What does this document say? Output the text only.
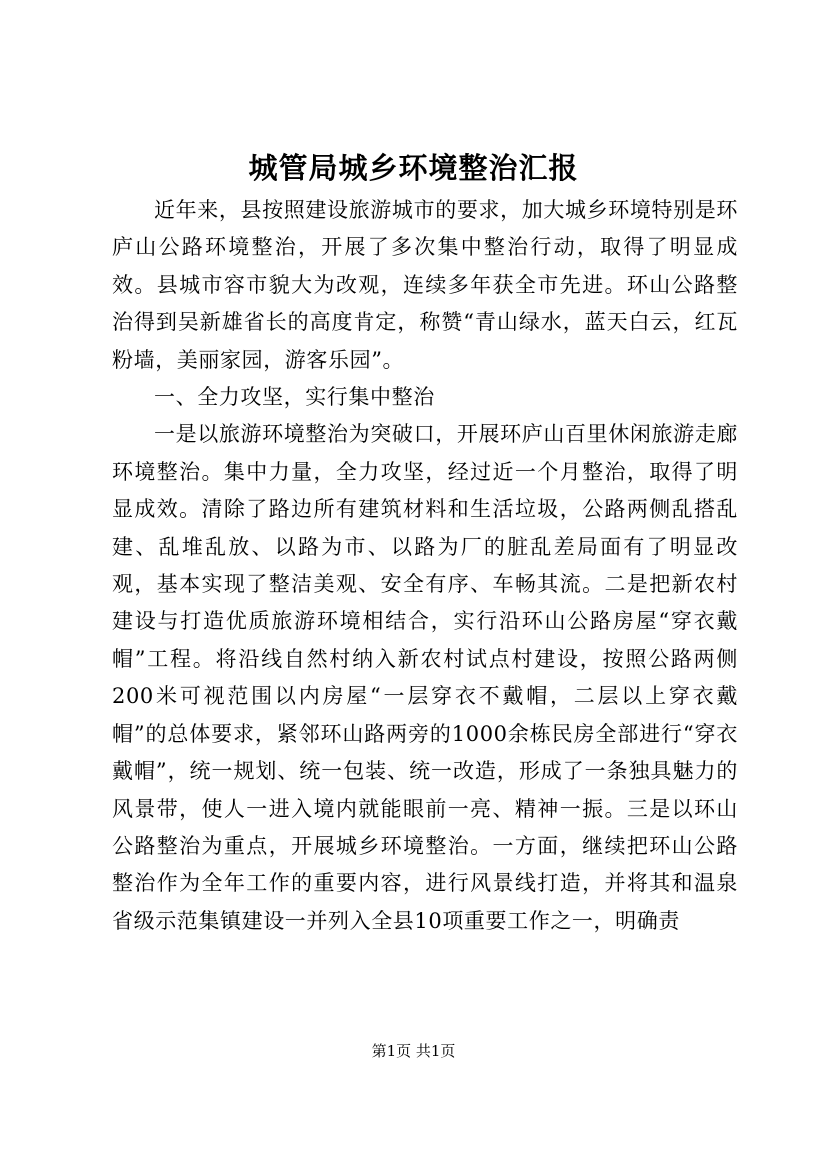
城管局城乡环境整治汇报

近年来，县按照建设旅游城市的要求，加大城乡环境特别是环庐山公路环境整治，开展了多次集中整治行动，取得了明显成效。县城市容市貌大为改观，连续多年获全市先进。环山公路整治得到吴新雄省长的高度肯定，称赞“青山绿水，蓝天白云，红瓦粉墙，美丽家园，游客乐园”。

一、全力攻坚，实行集中整治

一是以旅游环境整治为突破口，开展环庐山百里休闲旅游走廊环境整治。集中力量，全力攻坚，经过近一个月整治，取得了明显成效。清除了路边所有建筑材料和生活垃圾，公路两侧乱搭乱建、乱堆乱放、以路为市、以路为厂的脏乱差局面有了明显改观，基本实现了整洁美观、安全有序、车畅其流。二是把新农村建设与打造优质旅游环境相结合，实行沿环山公路房屋“穿衣戴帽”工程。将沿线自然村纳入新农村试点村建设，按照公路两侧200米可视范围以内房屋“一层穿衣不戴帽，二层以上穿衣戴帽”的总体要求，紧邻环山路两旁的1000余栋民房全部进行“穿衣戴帽”，统一规划、统一包装、统一改造，形成了一条独具魅力的风景带，使人一进入境内就能眼前一亮、精神一振。三是以环山公路整治为重点，开展城乡环境整治。一方面，继续把环山公路整治作为全年工作的重要内容，进行风景线打造，并将其和温泉省级示范集镇建设一并列入全县10项重要工作之一，明确责

第1页 共1页
